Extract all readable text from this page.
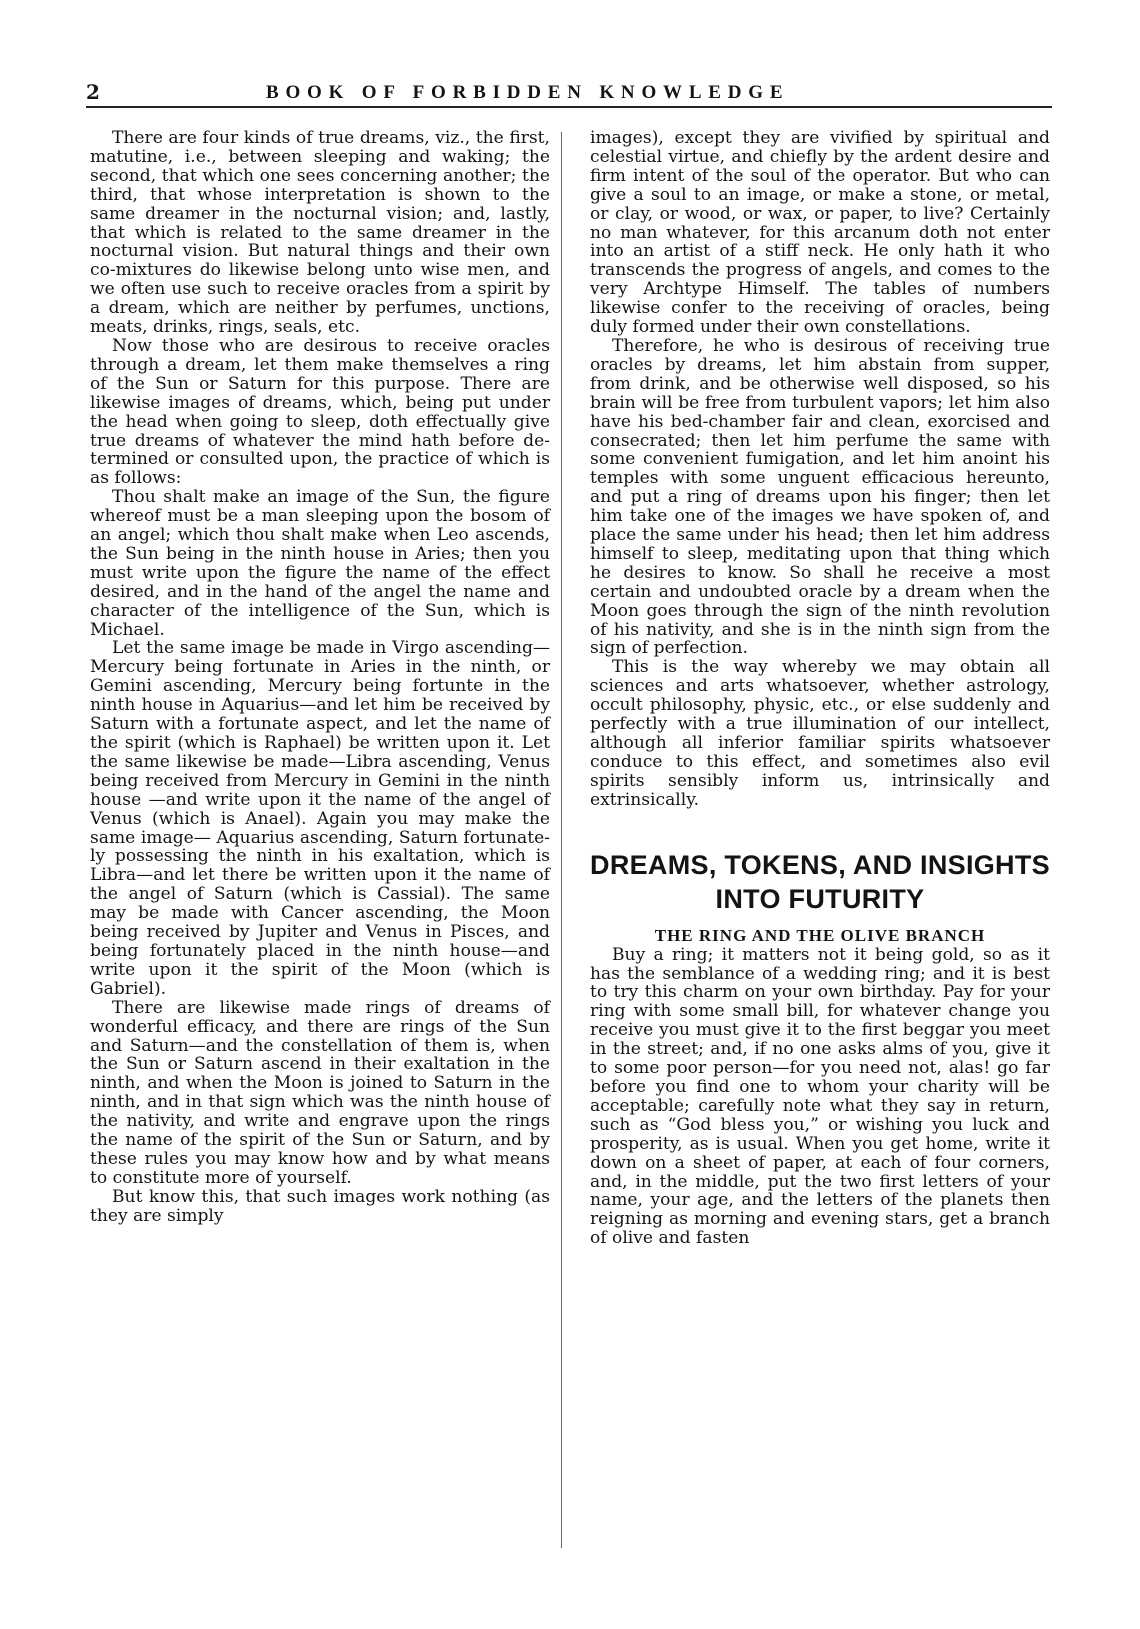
2	BOOK OF FORBIDDEN KNOWLEDGE

There are four kinds of true dreams, viz., the first, matutine, i.e., between sleeping and waking; the second, that which one sees concerning another; the third, that whose interpretation is shown to the same dreamer in the nocturnal vision; and, lastly, that which is related to the same dreamer in the nocturnal vision. But natural things and their own co-mixtures do likewise belong unto wise men, and we often use such to receive oracles from a spirit by a dream, which are neither by perfumes, unctions, meats, drinks, rings, seals, etc.

Now those who are desirous to receive oracles through a dream, let them make themselves a ring of the Sun or Saturn for this purpose. There are likewise images of dreams, which, being put under the head when going to sleep, doth effectually give true dreams of whatever the mind hath before determined or consulted upon, the practice of which is as follows:

Thou shalt make an image of the Sun, the figure whereof must be a man sleeping upon the bosom of an angel; which thou shalt make when Leo ascends, the Sun being in the ninth house in Aries; then you must write upon the figure the name of the effect desired, and in the hand of the angel the name and character of the intelligence of the Sun, which is Michael.

Let the same image be made in Virgo ascending—Mercury being fortunate in Aries in the ninth, or Gemini ascending, Mercury being fortunte in the ninth house in Aquarius—and let him be received by Saturn with a fortunate aspect, and let the name of the spirit (which is Raphael) be written upon it. Let the same likewise be made—Libra ascending, Venus being received from Mercury in Gemini in the ninth house —and write upon it the name of the angel of Venus (which is Anael). Again you may make the same image— Aquarius ascending, Saturn fortunately possessing the ninth in his exaltation, which is Libra—and let there be written upon it the name of the angel of Saturn (which is Cassial). The same may be made with Cancer ascending, the Moon being received by Jupiter and Venus in Pisces, and being fortunately placed in the ninth house—and write upon it the spirit of the Moon (which is Gabriel).

There are likewise made rings of dreams of wonderful efficacy, and there are rings of the Sun and Saturn—and the constellation of them is, when the Sun or Saturn ascend in their exaltation in the ninth, and when the Moon is joined to Saturn in the ninth, and in that sign which was the ninth house of the nativity, and write and engrave upon the rings the name of the spirit of the Sun or Saturn, and by these rules you may know how and by what means to constitute more of yourself.

But know this, that such images work nothing (as they are simply

images), except they are vivified by spiritual and celestial virtue, and chiefly by the ardent desire and firm intent of the soul of the operator. But who can give a soul to an image, or make a stone, or metal, or clay, or wood, or wax, or paper, to live? Certainly no man whatever, for this arcanum doth not enter into an artist of a stiff neck. He only hath it who transcends the progress of angels, and comes to the very Archtype Himself. The tables of numbers likewise confer to the receiving of oracles, being duly formed under their own constellations.

Therefore, he who is desirous of receiving true oracles by dreams, let him abstain from supper, from drink, and be otherwise well disposed, so his brain will be free from turbulent vapors; let him also have his bed-chamber fair and clean, exorcised and consecrated; then let him perfume the same with some convenient fumigation, and let him anoint his temples with some unguent efficacious hereunto, and put a ring of dreams upon his finger; then let him take one of the images we have spoken of, and place the same under his head; then let him address himself to sleep, meditating upon that thing which he desires to know. So shall he receive a most certain and undoubted oracle by a dream when the Moon goes through the sign of the ninth revolution of his nativity, and she is in the ninth sign from the sign of perfection.

This is the way whereby we may obtain all sciences and arts whatsoever, whether astrology, occult philosophy, physic, etc., or else suddenly and perfectly with a true illumination of our intellect, although all inferior familiar spirits whatsoever conduce to this effect, and sometimes also evil spirits sensibly inform us, intrinsically and extrinsically.

DREAMS, TOKENS, AND INSIGHTS INTO FUTURITY
THE RING AND THE OLIVE BRANCH

Buy a ring; it matters not it being gold, so as it has the semblance of a wedding ring; and it is best to try this charm on your own birthday. Pay for your ring with some small bill, for whatever change you receive you must give it to the first beggar you meet in the street; and, if no one asks alms of you, give it to some poor person—for you need not, alas! go far before you find one to whom your charity will be acceptable; carefully note what they say in return, such as “God bless you,” or wishing you luck and prosperity, as is usual. When you get home, write it down on a sheet of paper, at each of four corners, and, in the middle, put the two first letters of your name, your age, and the letters of the planets then reigning as morning and evening stars, get a branch of olive and fasten
